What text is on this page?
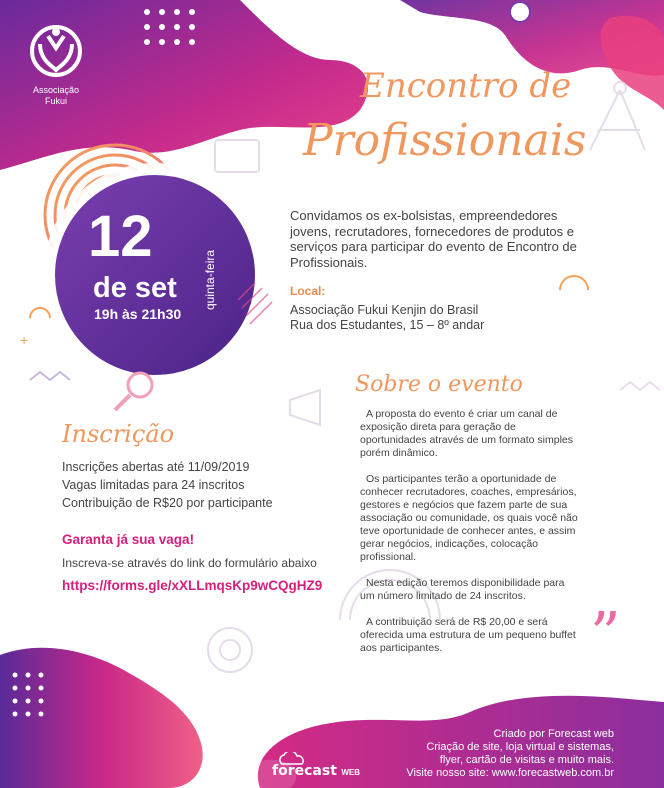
”
+
Associação
Fukui	Encontro de
Profissionais
12
de set
19h às 21h30
quinta-feira
Convidamos os ex-bolsistas, empreendedores
jovens, recrutadores, fornecedores de produtos e
serviços para participar do evento de Encontro de
Profissionais.
Local:
Associação Fukui Kenjin do Brasil
Rua dos Estudantes, 15 – 8º andar
Sobre o evento
A proposta do evento é criar um canal de
exposição direta para geração de
oportunidades através de um formato simples
porém dinâmico.
Os participantes terão a oportunidade de
conhecer recrutadores, coaches, empresários,
gestores e negócios que fazem parte de sua
associação ou comunidade, os quais você não
teve oportunidade de conhecer antes, e assim
gerar negócios, indicações, colocação
profissional.
Nesta edição teremos disponibilidade para
um número limitado de 24 inscritos.
A contribuição será de R$ 20,00 e será
oferecida uma estrutura de um pequeno buffet
aos participantes.
Inscrição
Inscrições abertas até 11/09/2019
Vagas limitadas para 24 inscritos
Contribuição de R$20 por participante
Garanta já sua vaga!
Inscreva-se através do link do formulário abaixo
https://forms.gle/xXLLmqsKp9wCQgHZ9
Criado por Forecast web
Criação de site, loja virtual e sistemas,
flyer, cartão de visitas e muito mais.
Visite nosso site: www.forecastweb.com.br
forecast WEB
